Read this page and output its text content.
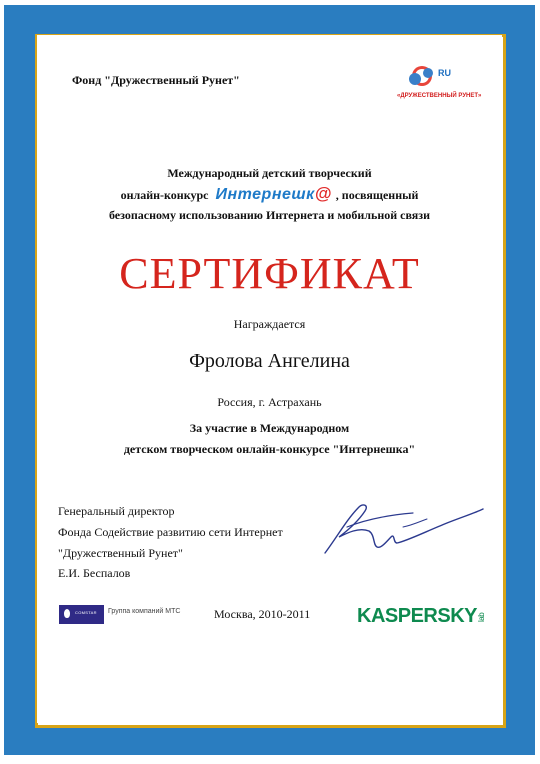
Фонд "Дружественный Рунет"	RU
«ДРУЖЕСТВЕННЫЙ РУНЕТ»
Международный детский творческий
онлайн-конкурс Интернешк@ , посвященный
безопасному использованию Интернета и мобильной связи
СЕРТИФИКАТ
Награждается
Фролова Ангелина
Россия, г. Астрахань
За участие в Международном
детском творческом онлайн-конкурсе "Интернешка"
Генеральный директор
Фонда Содействие развитию сети Интернет
"Дружественный Рунет"
Е.И. Беспалов
COMSTAR Группа компаний МТС	Москва, 2010-2011 KASPERSKYlab
